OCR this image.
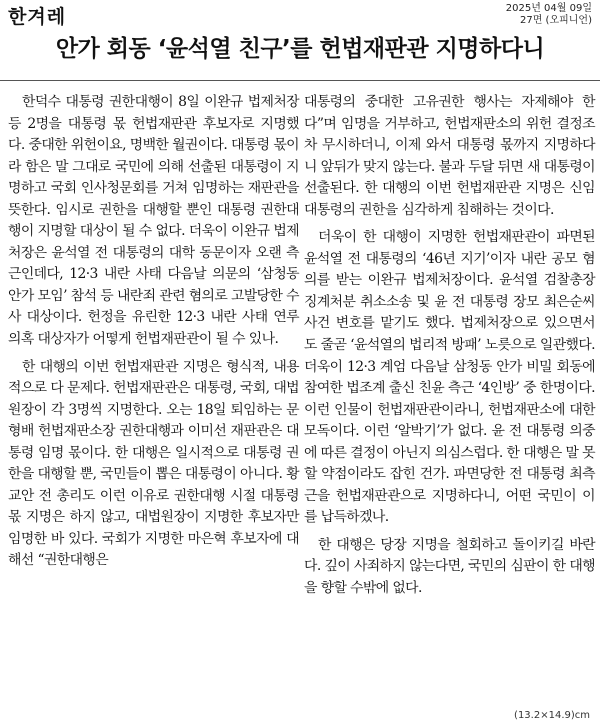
한겨레	2025년 04월 09일
27면 (오피니언)
안가 회동 ‘윤석열 친구’를 헌법재판관 지명하다니

한덕수 대통령 권한대행이 8일 이완규 법제처장 등 2명을 대통령 몫 헌법재판관 후보자로 지명했다. 중대한 위헌이요, 명백한 월권이다. 대통령 몫이라 함은 말 그대로 국민에 의해 선출된 대통령이 지명하고 국회 인사청문회를 거쳐 임명하는 재판관을 뜻한다. 임시로 권한을 대행할 뿐인 대통령 권한대행이 지명할 대상이 될 수 없다. 더욱이 이완규 법제처장은 윤석열 전 대통령의 대학 동문이자 오랜 측근인데다, 12·3 내란 사태 다음날 의문의 ‘삼청동 안가 모임’ 참석 등 내란죄 관련 혐의로 고발당한 수사 대상이다. 헌정을 유린한 12·3 내란 사태 연루 의혹 대상자가 어떻게 헌법재판관이 될 수 있나.

한 대행의 이번 헌법재판관 지명은 형식적, 내용적으로 다 문제다. 헌법재판관은 대통령, 국회, 대법원장이 각 3명씩 지명한다. 오는 18일 퇴임하는 문형배 헌법재판소장 권한대행과 이미선 재판관은 대통령 임명 몫이다. 한 대행은 일시적으로 대통령 권한을 대행할 뿐, 국민들이 뽑은 대통령이 아니다. 황교안 전 총리도 이런 이유로 권한대행 시절 대통령 몫 지명은 하지 않고, 대법원장이 지명한 후보자만 임명한 바 있다. 국회가 지명한 마은혁 후보자에 대해선 “권한대행은

대통령의 중대한 고유권한 행사는 자제해야 한다”며 임명을 거부하고, 헌법재판소의 위헌 결정조차 무시하더니, 이제 와서 대통령 몫까지 지명하다니 앞뒤가 맞지 않는다. 불과 두달 뒤면 새 대통령이 선출된다. 한 대행의 이번 헌법재판관 지명은 신임 대통령의 권한을 심각하게 침해하는 것이다.

더욱이 한 대행이 지명한 헌법재판관이 파면된 윤석열 전 대통령의 ‘46년 지기’이자 내란 공모 혐의를 받는 이완규 법제처장이다. 윤석열 검찰총장 징계처분 취소소송 및 윤 전 대통령 장모 최은순씨 사건 변호를 맡기도 했다. 법제처장으로 있으면서도 줄곧 ‘윤석열의 법리적 방패’ 노릇으로 일관했다. 더욱이 12·3 계엄 다음날 삼청동 안가 비밀 회동에 참여한 법조계 출신 친윤 측근 ‘4인방’ 중 한명이다. 이런 인물이 헌법재판관이라니, 헌법재판소에 대한 모독이다. 이런 ‘알박기’가 없다. 윤 전 대통령 의중에 따른 결정이 아닌지 의심스럽다. 한 대행은 말 못 할 약점이라도 잡힌 건가. 파면당한 전 대통령 최측근을 헌법재판관으로 지명하다니, 어떤 국민이 이를 납득하겠나.

한 대행은 당장 지명을 철회하고 돌이키길 바란다. 깊이 사죄하지 않는다면, 국민의 심판이 한 대행을 향할 수밖에 없다.

(13.2×14.9)cm
